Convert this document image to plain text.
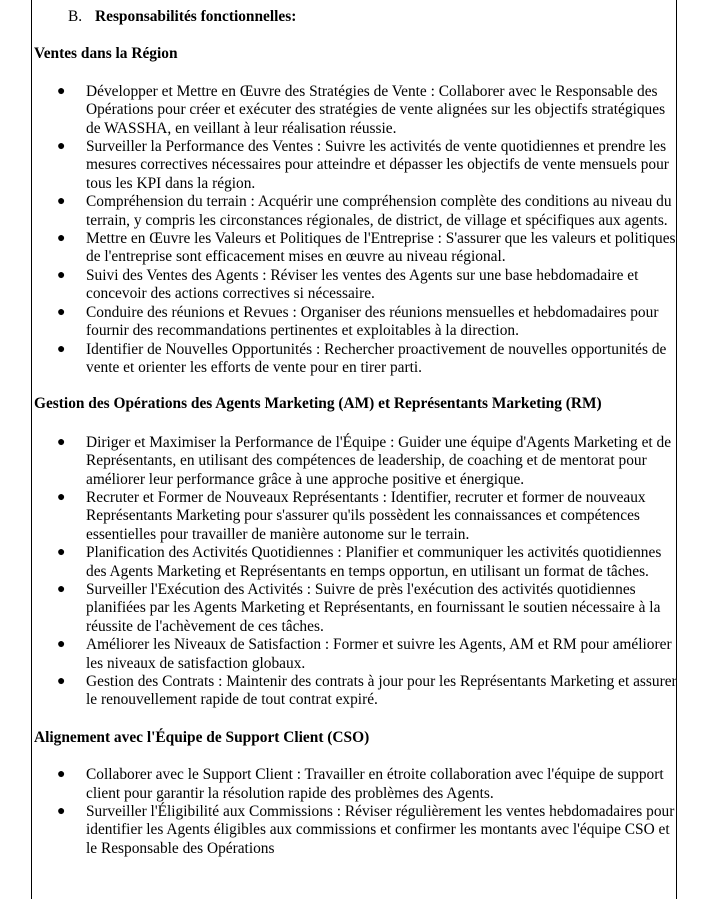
B. Responsabilités fonctionnelles:

Ventes dans la Région

● Développer et Mettre en Œuvre des Stratégies de Vente : Collaborer avec le Responsable des Opérations pour créer et exécuter des stratégies de vente alignées sur les objectifs stratégiques de WASSHA, en veillant à leur réalisation réussie.
● Surveiller la Performance des Ventes : Suivre les activités de vente quotidiennes et prendre les mesures correctives nécessaires pour atteindre et dépasser les objectifs de vente mensuels pour tous les KPI dans la région.
● Compréhension du terrain : Acquérir une compréhension complète des conditions au niveau du terrain, y compris les circonstances régionales, de district, de village et spécifiques aux agents.
● Mettre en Œuvre les Valeurs et Politiques de l'Entreprise : S'assurer que les valeurs et politiques de l'entreprise sont efficacement mises en œuvre au niveau régional.
● Suivi des Ventes des Agents : Réviser les ventes des Agents sur une base hebdomadaire et concevoir des actions correctives si nécessaire.
● Conduire des réunions et Revues : Organiser des réunions mensuelles et hebdomadaires pour fournir des recommandations pertinentes et exploitables à la direction.
● Identifier de Nouvelles Opportunités : Rechercher proactivement de nouvelles opportunités de vente et orienter les efforts de vente pour en tirer parti.

Gestion des Opérations des Agents Marketing (AM) et Représentants Marketing (RM)

● Diriger et Maximiser la Performance de l'Équipe : Guider une équipe d'Agents Marketing et de Représentants, en utilisant des compétences de leadership, de coaching et de mentorat pour améliorer leur performance grâce à une approche positive et énergique.
● Recruter et Former de Nouveaux Représentants : Identifier, recruter et former de nouveaux Représentants Marketing pour s'assurer qu'ils possèdent les connaissances et compétences essentielles pour travailler de manière autonome sur le terrain.
● Planification des Activités Quotidiennes : Planifier et communiquer les activités quotidiennes des Agents Marketing et Représentants en temps opportun, en utilisant un format de tâches.
● Surveiller l'Exécution des Activités : Suivre de près l'exécution des activités quotidiennes planifiées par les Agents Marketing et Représentants, en fournissant le soutien nécessaire à la réussite de l'achèvement de ces tâches.
● Améliorer les Niveaux de Satisfaction : Former et suivre les Agents, AM et RM pour améliorer les niveaux de satisfaction globaux.
● Gestion des Contrats : Maintenir des contrats à jour pour les Représentants Marketing et assurer le renouvellement rapide de tout contrat expiré.

Alignement avec l'Équipe de Support Client (CSO)

● Collaborer avec le Support Client : Travailler en étroite collaboration avec l'équipe de support client pour garantir la résolution rapide des problèmes des Agents.
● Surveiller l'Éligibilité aux Commissions : Réviser régulièrement les ventes hebdomadaires pour identifier les Agents éligibles aux commissions et confirmer les montants avec l'équipe CSO et le Responsable des Opérations
